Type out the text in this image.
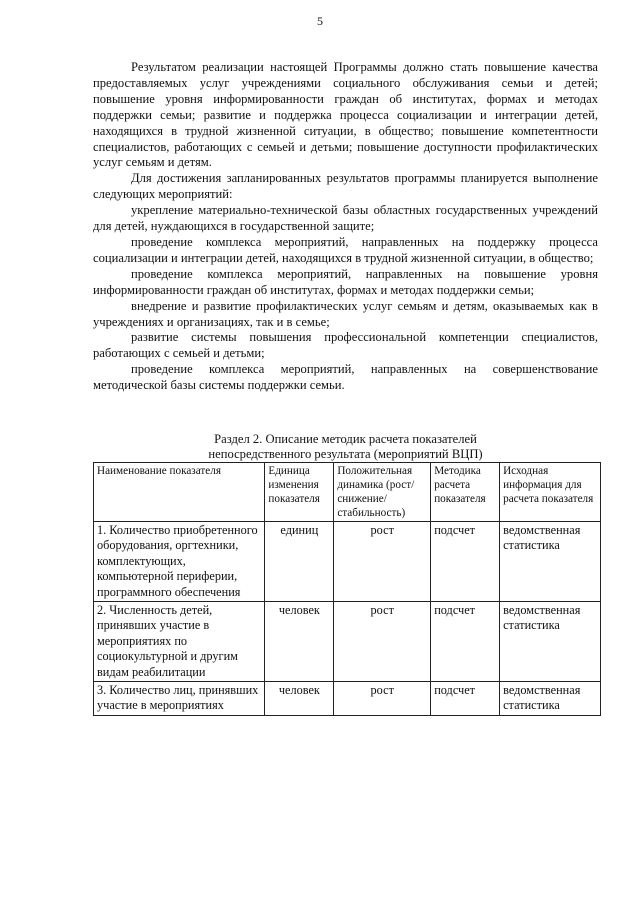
5

Результатом реализации настоящей Программы должно стать повышение качества предоставляемых услуг учреждениями социального обслуживания семьи и детей; повышение уровня информированности граждан об институтах, формах и методах поддержки семьи; развитие и поддержка процесса социализации и интеграции детей, находящихся в трудной жизненной ситуации, в общество; повышение компетентности специалистов, работающих с семьей и детьми; повышение доступности профилактических услуг семьям и детям.

Для достижения запланированных результатов программы планируется выполнение следующих мероприятий:

укрепление материально-технической базы областных государственных учреждений для детей, нуждающихся в государственной защите;

проведение комплекса мероприятий, направленных на поддержку процесса социализации и интеграции детей, находящихся в трудной жизненной ситуации, в общество;

проведение комплекса мероприятий, направленных на повышение уровня информированности граждан об институтах, формах и методах поддержки семьи;

внедрение и развитие профилактических услуг семьям и детям, оказываемых как в учреждениях и организациях, так и в семье;

развитие системы повышения профессиональной компетенции специалистов, работающих с семьей и детьми;

проведение комплекса мероприятий, направленных на совершенствование методической базы системы поддержки семьи.

Раздел 2. Описание методик расчета показателей
непосредственного результата (мероприятий ВЦП)
Наименование показателя	Единица изменения показателя	Положительная динамика (рост/снижение/стабильность)	Методика расчета показателя	Исходная информация для расчета показателя
1. Количество приобретенного оборудования, оргтехники, комплектующих, компьютерной периферии, программного обеспечения	единиц	рост	подсчет	ведомственная статистика
2. Численность детей, принявших участие в мероприятиях по социокультурной и другим видам реабилитации	человек	рост	подсчет	ведомственная статистика
3. Количество лиц, принявших участие в мероприятиях	человек	рост	подсчет	ведомственная статистика
